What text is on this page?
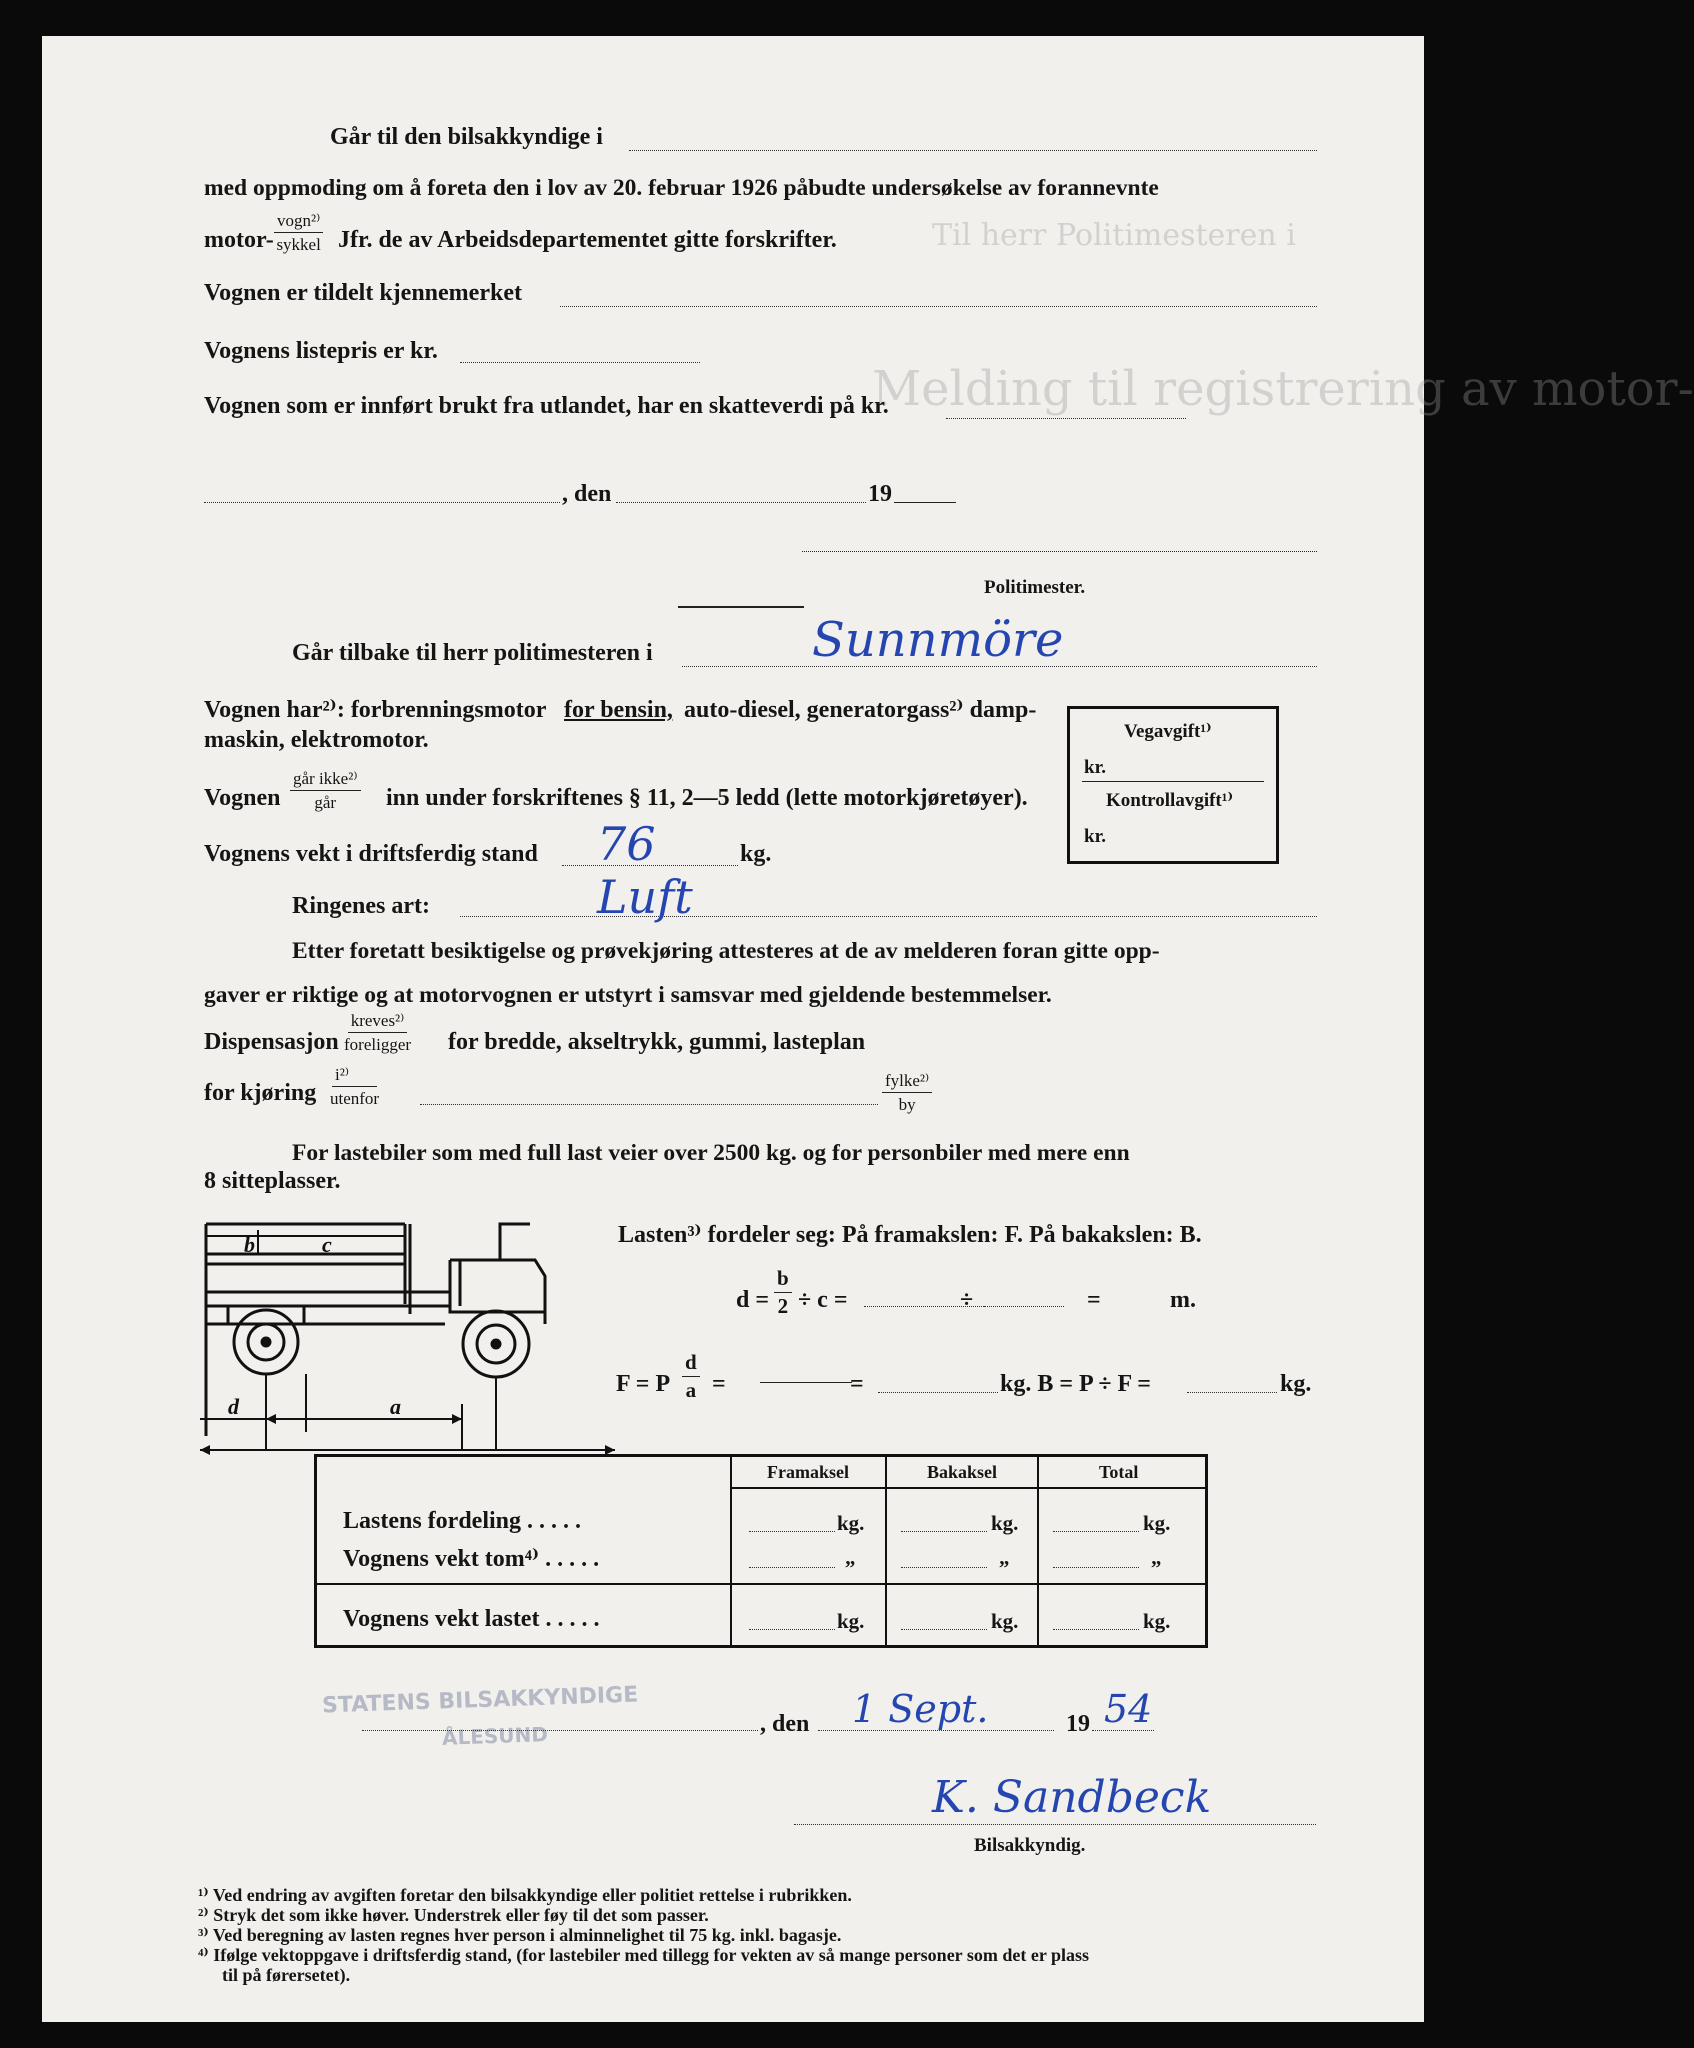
Melding til registrering av motor-
Til herr Politimesteren i
Går til den bilsakkyndige i
med oppmoding om å foreta den i lov av 20. februar 1926 påbudte undersøkelse av forannevnte
motor-
vogn²⁾
sykkel Jfr. de av Arbeidsdepartementet gitte forskrifter.
Vognen er tildelt kjennemerket
Vognens listepris er kr.
Vognen som er innført brukt fra utlandet, har en skatteverdi på kr.
, den	19
Politimester.
Går tilbake til herr politimesteren i	Sunnmöre
Vognen har²⁾: forbrenningsmotor for bensin, auto-diesel, generatorgass²⁾ damp-
maskin, elektromotor.
Vognen
går ikke²⁾
går inn under forskriftenes § 11, 2—5 ledd (lette motorkjøretøyer).
Vognens vekt i driftsferdig stand 76	kg.
Ringenes art:	Luft
Vegavgift¹⁾
kr.
Kontrollavgift¹⁾
kr.
Etter foretatt besiktigelse og prøvekjøring attesteres at de av melderen foran gitte opp-
gaver er riktige og at motorvognen er utstyrt i samsvar med gjeldende bestemmelser.
Dispensasjon
kreves²⁾
foreligger for bredde, akseltrykk, gummi, lasteplan
for kjøring
i²⁾
utenfor
fylke²⁾
by
For lastebiler som med full last veier over 2500 kg. og for personbiler med mere enn
8 sitteplasser.
Lasten³⁾ fordeler seg: På framakslen: F. På bakakslen: B.
$d = \frac{b}{2} \div c$ =	÷	=	m.
F = P $\frac{d}{a}$ =	=	kg. B = P ÷ F =	kg.
b	c
d	a
Framaksel	Bakaksel	Total
Lastens fordeling . . . . .	kg.	kg.	kg.
Vognens vekt tom⁴⁾ . . . . .	„	„	„
Vognens vekt lastet . . . . .	kg.	kg.	kg.
STATENS BILSAKKYNDIGE
ÅLESUND	, den 1 Sept.	19 54
K. Sandbeck
Bilsakkyndig.
¹⁾ Ved endring av avgiften foretar den bilsakkyndige eller politiet rettelse i rubrikken.
²⁾ Stryk det som ikke høver. Understrek eller føy til det som passer.
³⁾ Ved beregning av lasten regnes hver person i alminnelighet til 75 kg. inkl. bagasje.
⁴⁾ Ifølge vektoppgave i driftsferdig stand, (for lastebiler med tillegg for vekten av så mange personer som det er plass
til på førersetet).
